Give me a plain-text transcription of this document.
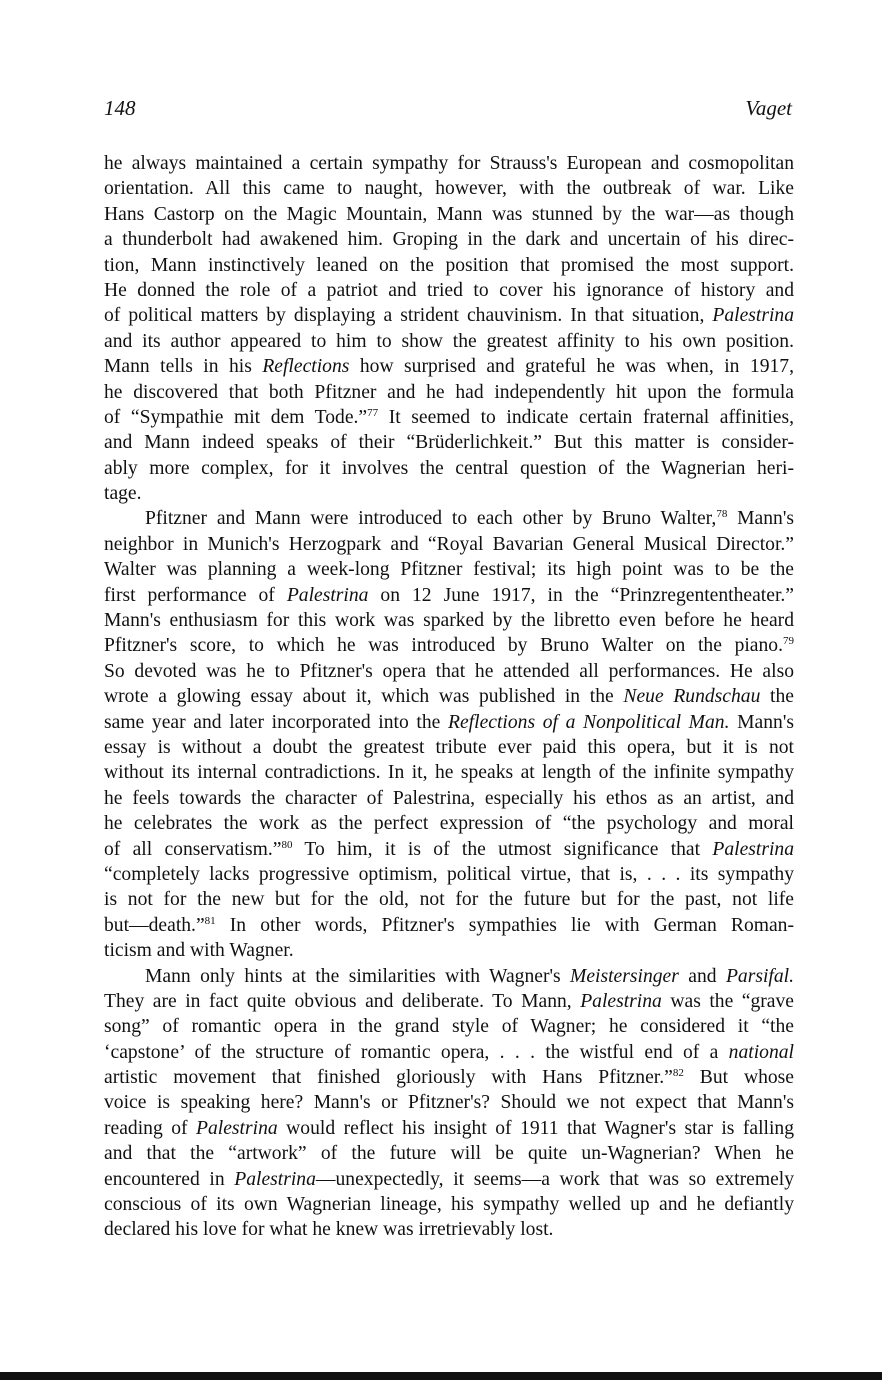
148	Vaget
he always maintained a certain sympathy for Strauss's European and cosmopolitan
orientation. All this came to naught, however, with the outbreak of war. Like
Hans Castorp on the Magic Mountain, Mann was stunned by the war—as though
a thunderbolt had awakened him. Groping in the dark and uncertain of his direc-
tion, Mann instinctively leaned on the position that promised the most support.
He donned the role of a patriot and tried to cover his ignorance of history and
of political matters by displaying a strident chauvinism. In that situation, Palestrina
and its author appeared to him to show the greatest affinity to his own position.
Mann tells in his Reflections how surprised and grateful he was when, in 1917,
he discovered that both Pfitzner and he had independently hit upon the formula
of “Sympathie mit dem Tode.”$^{77}$ It seemed to indicate certain fraternal affinities,
and Mann indeed speaks of their “Brüderlichkeit.” But this matter is consider-
ably more complex, for it involves the central question of the Wagnerian heri-
tage.
Pfitzner and Mann were introduced to each other by Bruno Walter,$^{78}$ Mann's
neighbor in Munich's Herzogpark and “Royal Bavarian General Musical Director.”
Walter was planning a week-long Pfitzner festival; its high point was to be the
first performance of Palestrina on 12 June 1917, in the “Prinzregententheater.”
Mann's enthusiasm for this work was sparked by the libretto even before he heard
Pfitzner's score, to which he was introduced by Bruno Walter on the piano.$^{79}$
So devoted was he to Pfitzner's opera that he attended all performances. He also
wrote a glowing essay about it, which was published in the Neue Rundschau the
same year and later incorporated into the Reflections of a Nonpolitical Man. Mann's
essay is without a doubt the greatest tribute ever paid this opera, but it is not
without its internal contradictions. In it, he speaks at length of the infinite sympathy
he feels towards the character of Palestrina, especially his ethos as an artist, and
he celebrates the work as the perfect expression of “the psychology and moral
of all conservatism.”$^{80}$ To him, it is of the utmost significance that Palestrina
“completely lacks progressive optimism, political virtue, that is, . . . its sympathy
is not for the new but for the old, not for the future but for the past, not life
but—death.”$^{81}$ In other words, Pfitzner's sympathies lie with German Roman-
ticism and with Wagner.
Mann only hints at the similarities with Wagner's Meistersinger and Parsifal.
They are in fact quite obvious and deliberate. To Mann, Palestrina was the “grave
song” of romantic opera in the grand style of Wagner; he considered it “the
‘capstone’ of the structure of romantic opera, . . . the wistful end of a national
artistic movement that finished gloriously with Hans Pfitzner.”$^{82}$ But whose
voice is speaking here? Mann's or Pfitzner's? Should we not expect that Mann's
reading of Palestrina would reflect his insight of 1911 that Wagner's star is falling
and that the “artwork” of the future will be quite un-Wagnerian? When he
encountered in Palestrina—unexpectedly, it seems—a work that was so extremely
conscious of its own Wagnerian lineage, his sympathy welled up and he defiantly
declared his love for what he knew was irretrievably lost.
